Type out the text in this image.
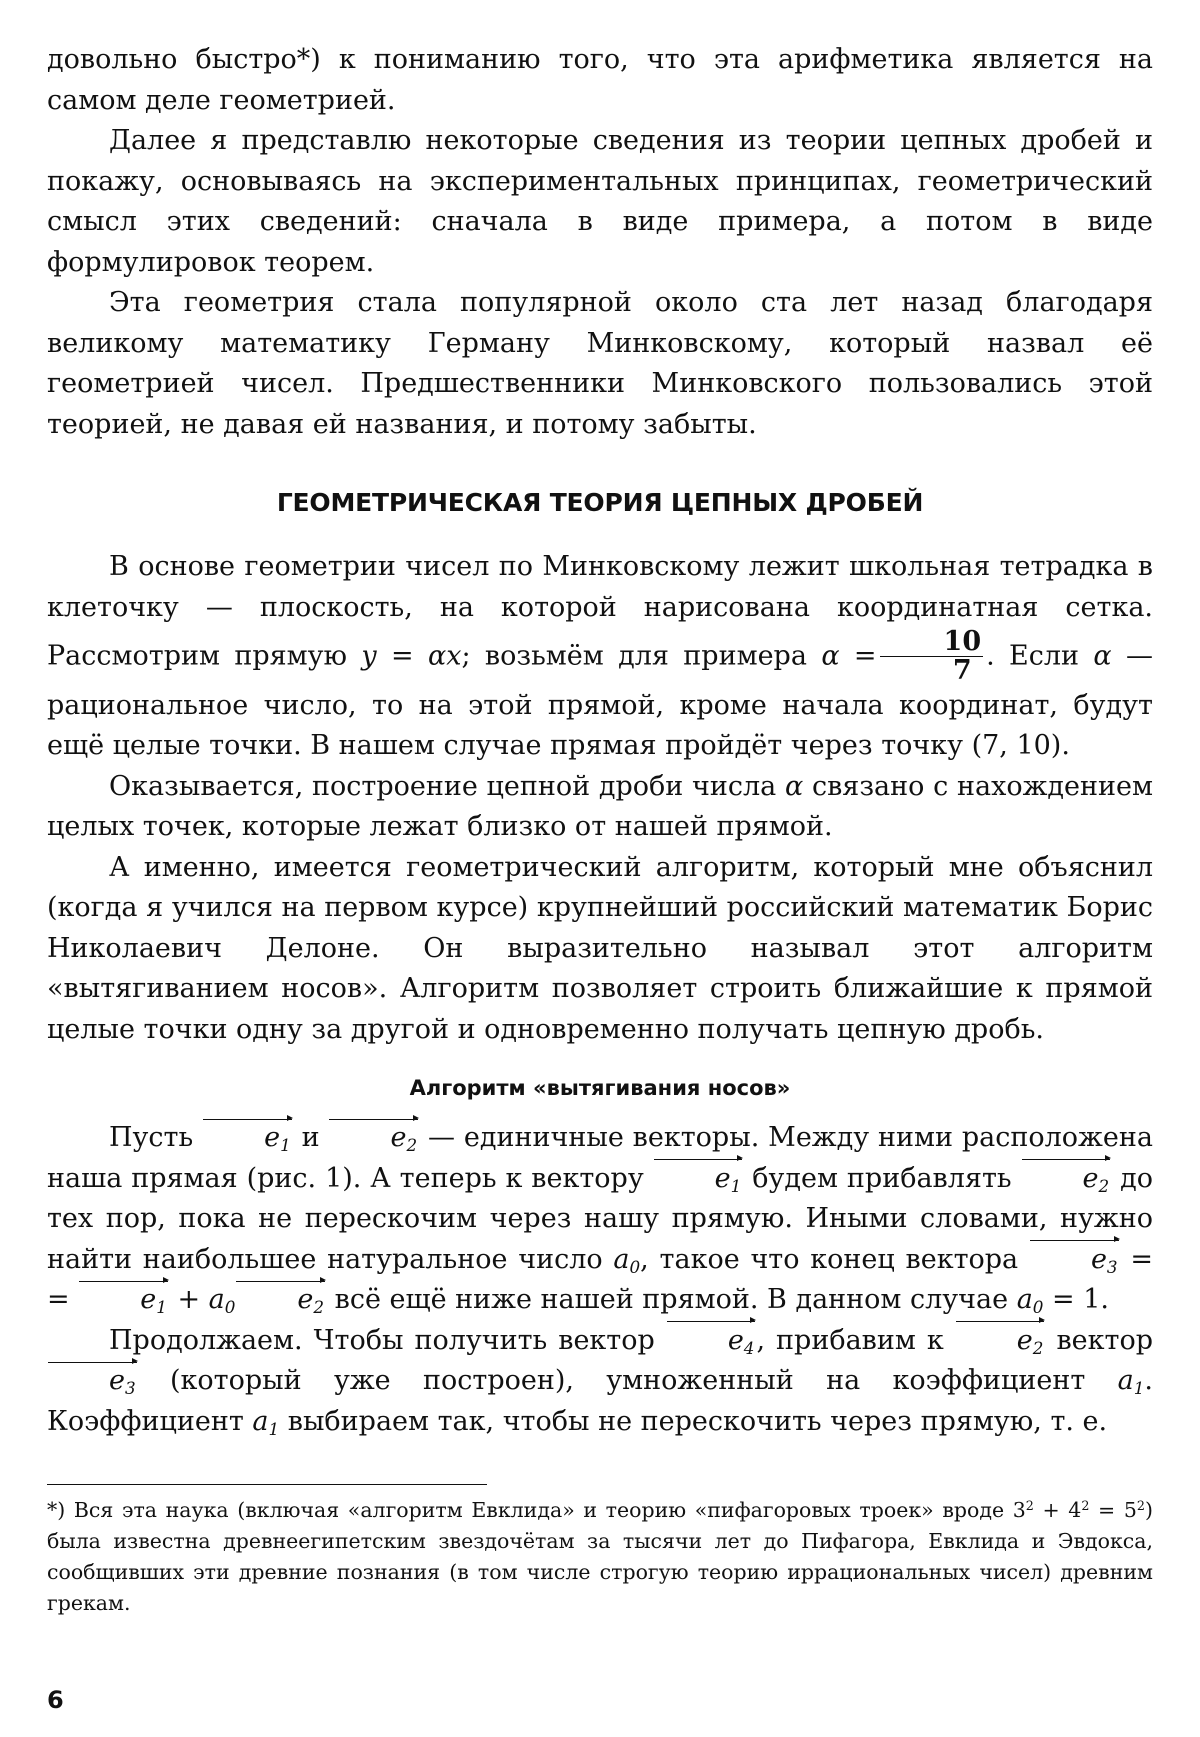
довольно быстро*) к пониманию того, что эта арифметика является на самом деле геометрией.

Далее я представлю некоторые сведения из теории цепных дробей и покажу, основываясь на экспериментальных принципах, геометрический смысл этих сведений: сначала в виде примера, а потом в виде формулировок теорем.

Эта геометрия стала популярной около ста лет назад благодаря великому математику Герману Минковскому, который назвал её геометрией чисел. Предшественники Минковского пользовались этой теорией, не давая ей названия, и потому забыты.

ГЕОМЕТРИЧЕСКАЯ ТЕОРИЯ ЦЕПНЫХ ДРОБЕЙ

В основе геометрии чисел по Минковскому лежит школьная тетрадка в клеточку — плоскость, на которой нарисована координатная сетка. Рассмотрим прямую y = αx; возьмём для примера $\alpha = \frac{10}{7}$ . Если α — рациональное число, то на этой прямой, кроме начала координат, будут ещё целые точки. В нашем случае прямая пройдёт через точку (7, 10).

Оказывается, построение цепной дроби числа α связано с нахождением целых точек, которые лежат близко от нашей прямой.

А именно, имеется геометрический алгоритм, который мне объяснил (когда я учился на первом курсе) крупнейший российский математик Борис Николаевич Делоне. Он выразительно называл этот алгоритм «вытягиванием носов». Алгоритм позволяет строить ближайшие к прямой целые точки одну за другой и одновременно получать цепную дробь.

Алгоритм «вытягивания носов»

Пусть $e_1$ и $e_2$ — единичные векторы. Между ними расположена наша прямая (рис. 1). А теперь к вектору $e_1$ будем прибавлять $e_2$ до тех пор, пока не перескочим через нашу прямую. Иными словами, нужно найти наибольшее натуральное число $a_0$, такое что конец вектора $e_3$ = = $e_1 + a_0$ $e_2$ всё ещё ниже нашей прямой. В данном случае $a_0 = 1$.

Продолжаем. Чтобы получить вектор $e_4$, прибавим к $e_2$ вектор $e_3$ (который уже построен), умноженный на коэффициент $a_1$. Коэффициент $a_1$ выбираем так, чтобы не перескочить через прямую, т. е.

*) Вся эта наука (включая «алгоритм Евклида» и теорию «пифагоровых троек» вроде $3^2 + 4^2 = 5^2$) была известна древнеегипетским звездочётам за тысячи лет до Пифагора, Евклида и Эвдокса, сообщивших эти древние познания (в том числе строгую теорию иррациональных чисел) древним грекам.

6
